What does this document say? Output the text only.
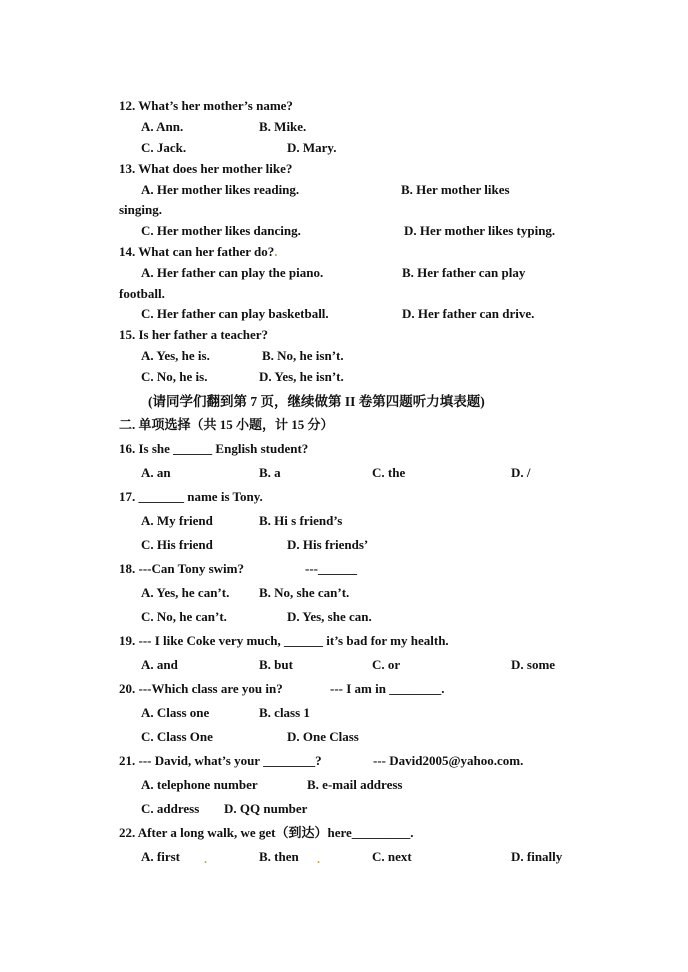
12. What’s her mother’s name?
A. Ann.	B. Mike.
C. Jack.	D. Mary.
13. What does her mother like?
A. Her mother likes reading.	B. Her mother likes
singing.
C. Her mother likes dancing.	D. Her mother likes typing.
14. What can her father do?.
A. Her father can play the piano.	B. Her father can play
football.
C. Her father can play basketball.	D. Her father can drive.
15. Is her father a teacher?
A. Yes, he is.	B. No, he isn’t.
C. No, he is.	D. Yes, he isn’t.
(请同学们翻到第 7 页，继续做第 II 卷第四题听力填表题)
二. 单项选择（共 15 小题，计 15 分）
16. Is she ______ English student?
A. an	B. a	C. the	D. /
17. _______ name is Tony.
A. My friend	B. Hi s friend’s
C. His friend	D. His friends’
18. ---Can Tony swim?	---______
A. Yes, he can’t. B. No, she can’t.
C. No, he can’t.	D. Yes, she can.
19. --- I like Coke very much, ______ it’s bad for my health.
A. and	B. but	C. or	D. some
20. ---Which class are you in?	--- I am in ________.
A. Class one	B. class 1
C. Class One	D. One Class
21. --- David, what’s your ________?	--- David2005@yahoo.com.
A. telephone number	B. e-mail address
C. address D. QQ number
22. After a long walk, we get（到达）here_________.
A. first .	B. then .	C. next	D. finally
